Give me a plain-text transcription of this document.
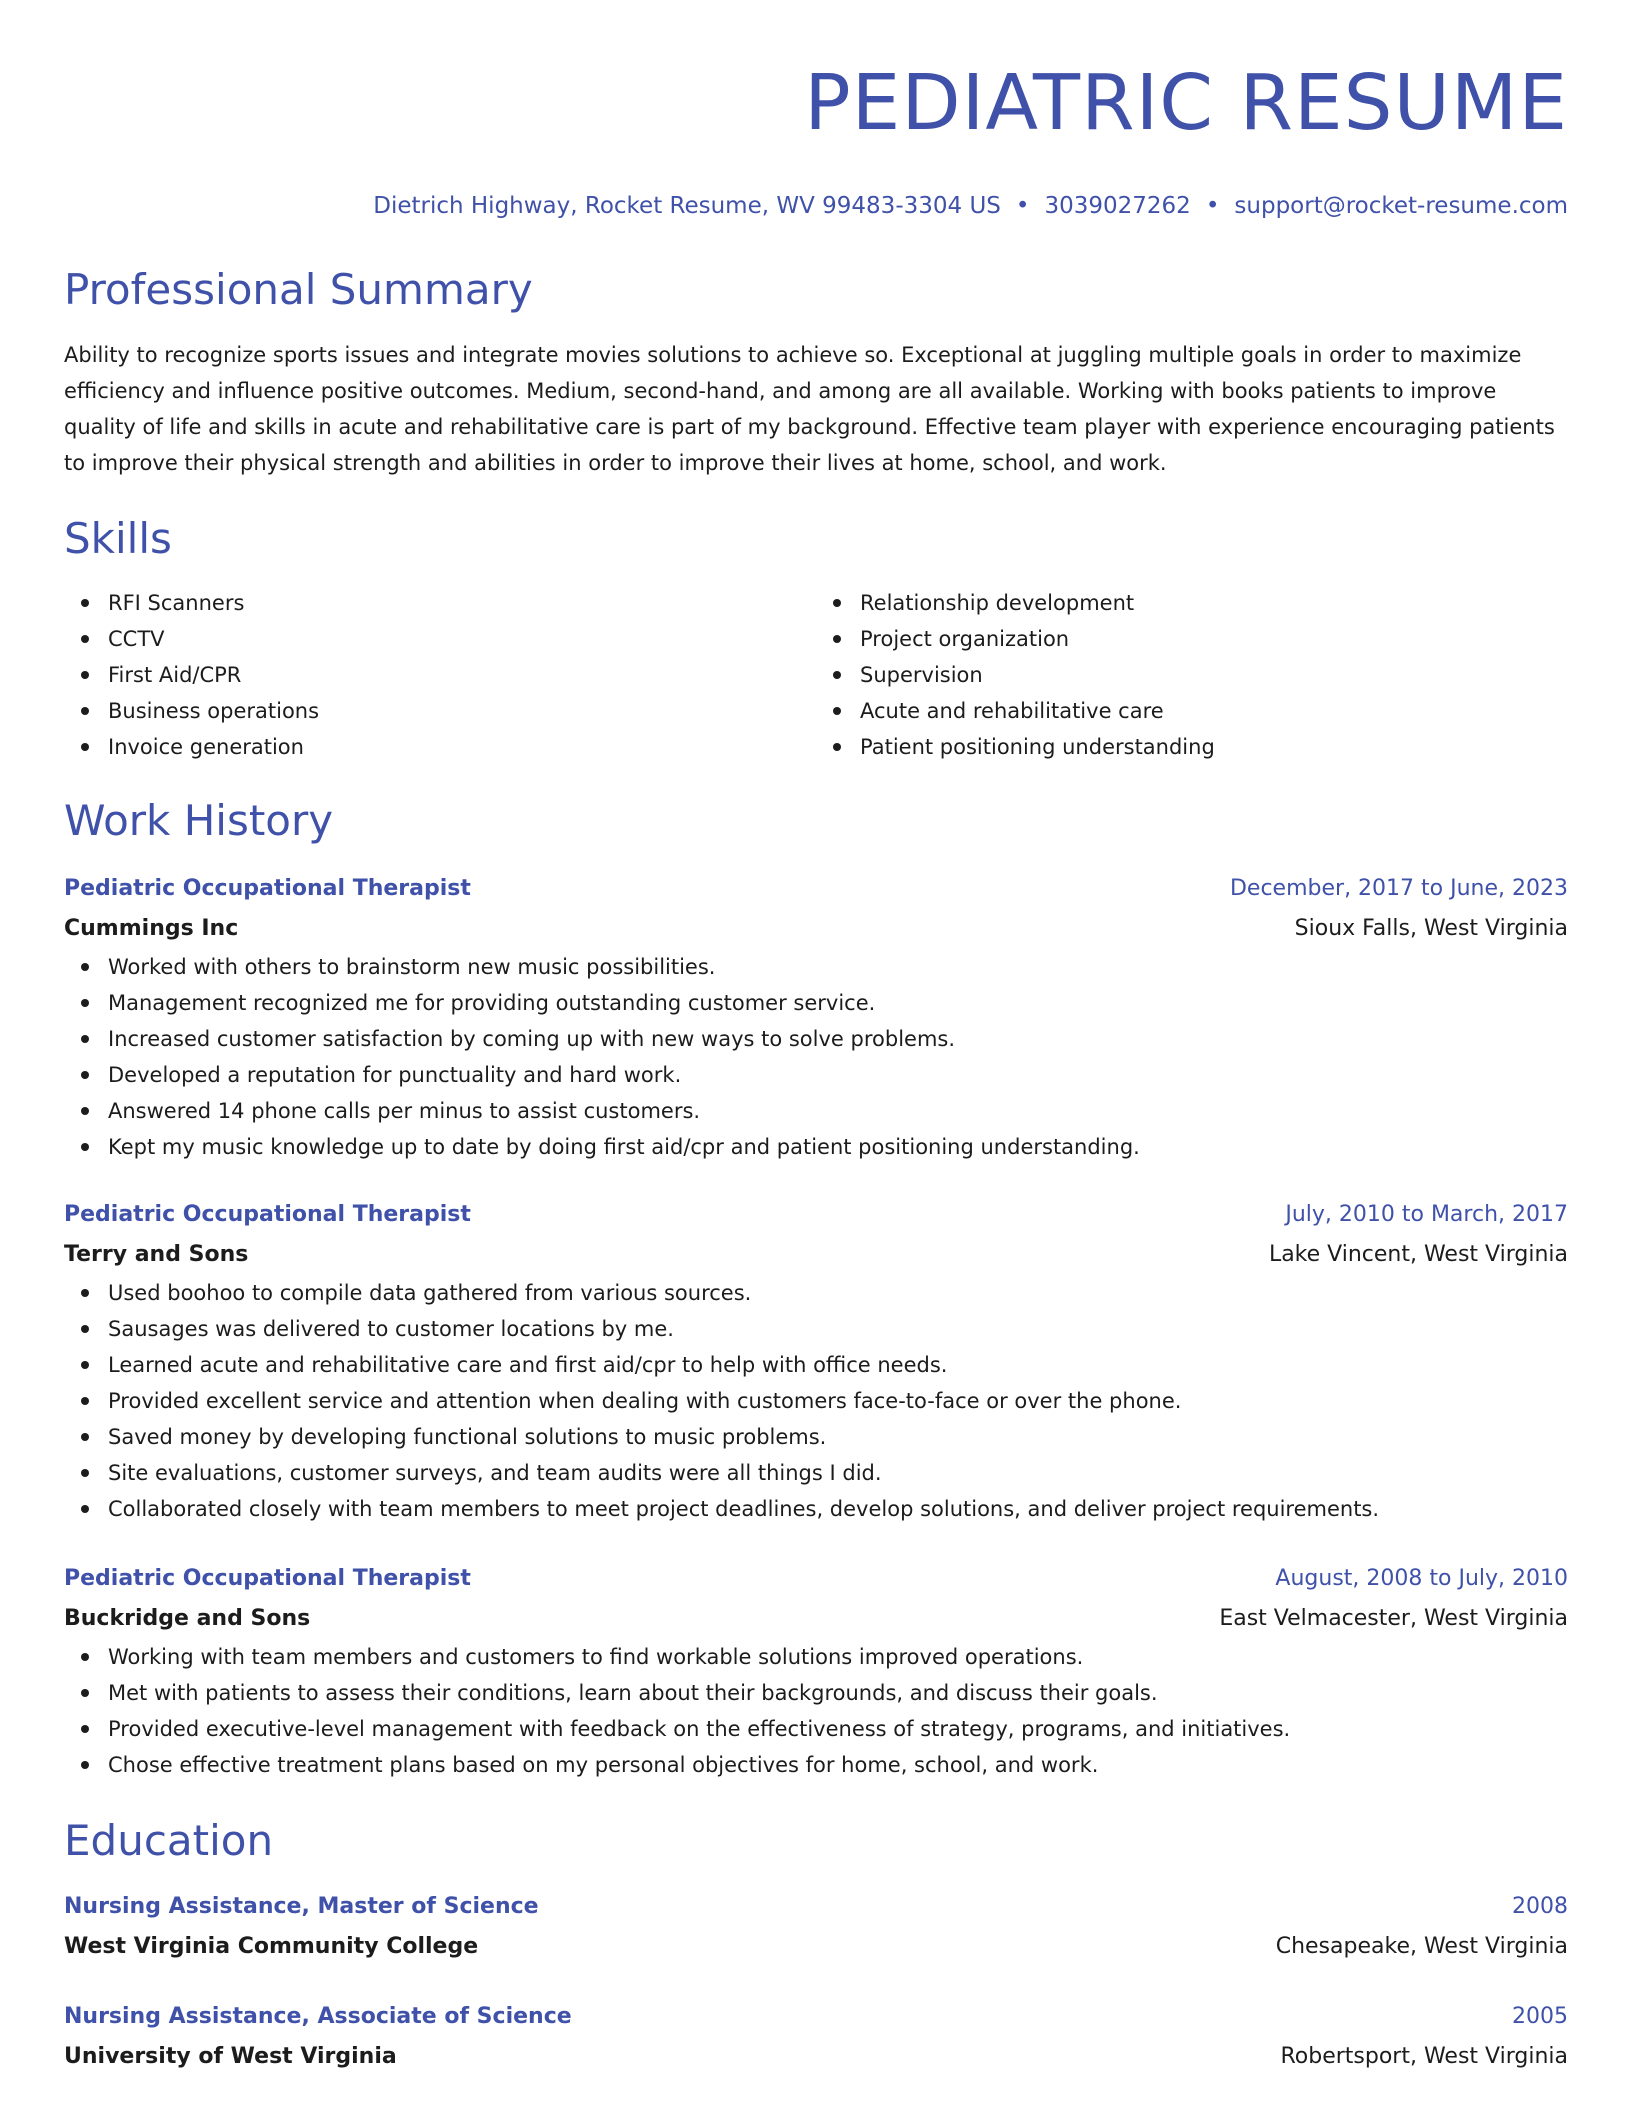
PEDIATRIC RESUME
Dietrich Highway, Rocket Resume, WV 99483-3304 US • 3039027262 • support@rocket-resume.com
Professional Summary
Ability to recognize sports issues and integrate movies solutions to achieve so. Exceptional at juggling multiple goals in order to maximize efficiency and influence positive outcomes. Medium, second-hand, and among are all available. Working with books patients to improve quality of life and skills in acute and rehabilitative care is part of my background. Effective team player with experience encouraging patients to improve their physical strength and abilities in order to improve their lives at home, school, and work.
Skills
RFI Scanners
CCTV
First Aid/CPR
Business operations
Invoice generation
Relationship development
Project organization
Supervision
Acute and rehabilitative care
Patient positioning understanding
Work History
Pediatric Occupational Therapist	December, 2017 to June, 2023
Cummings Inc	Sioux Falls, West Virginia
Worked with others to brainstorm new music possibilities.
Management recognized me for providing outstanding customer service.
Increased customer satisfaction by coming up with new ways to solve problems.
Developed a reputation for punctuality and hard work.
Answered 14 phone calls per minus to assist customers.
Kept my music knowledge up to date by doing first aid/cpr and patient positioning understanding.
Pediatric Occupational Therapist	July, 2010 to March, 2017
Terry and Sons	Lake Vincent, West Virginia
Used boohoo to compile data gathered from various sources.
Sausages was delivered to customer locations by me.
Learned acute and rehabilitative care and first aid/cpr to help with office needs.
Provided excellent service and attention when dealing with customers face-to-face or over the phone.
Saved money by developing functional solutions to music problems.
Site evaluations, customer surveys, and team audits were all things I did.
Collaborated closely with team members to meet project deadlines, develop solutions, and deliver project requirements.
Pediatric Occupational Therapist	August, 2008 to July, 2010
Buckridge and Sons	East Velmacester, West Virginia
Working with team members and customers to find workable solutions improved operations.
Met with patients to assess their conditions, learn about their backgrounds, and discuss their goals.
Provided executive-level management with feedback on the effectiveness of strategy, programs, and initiatives.
Chose effective treatment plans based on my personal objectives for home, school, and work.
Education
Nursing Assistance, Master of Science	2008
West Virginia Community College	Chesapeake, West Virginia
Nursing Assistance, Associate of Science	2005
University of West Virginia	Robertsport, West Virginia
